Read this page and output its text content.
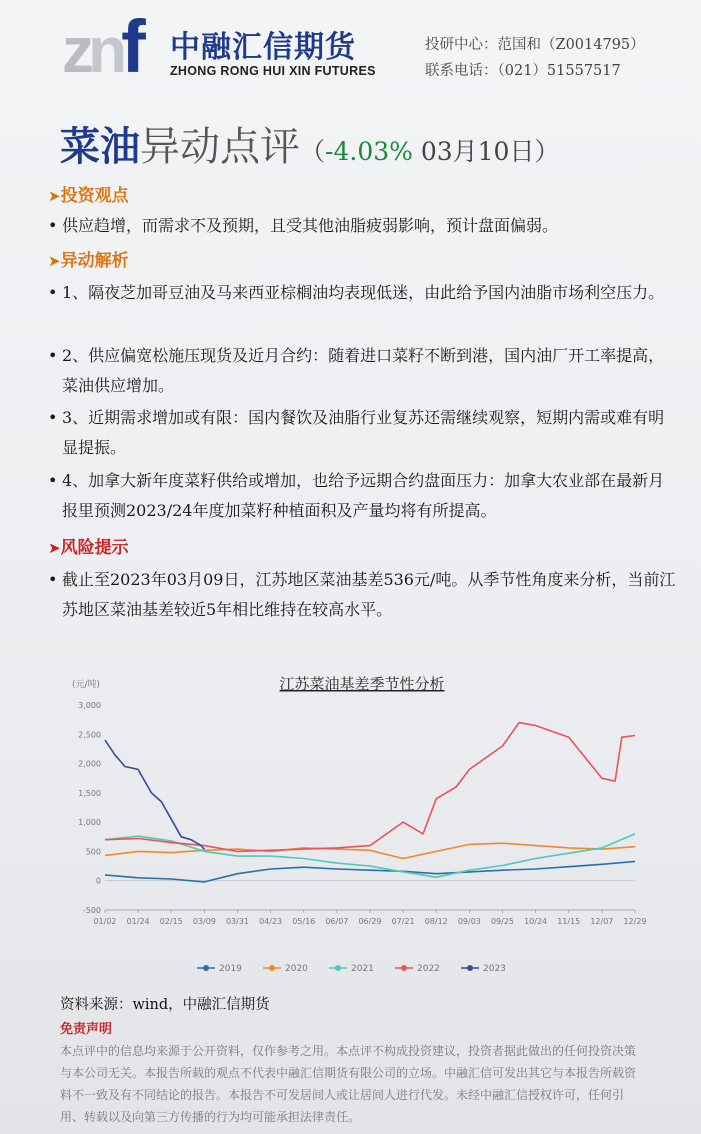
znf 中融汇信期货
ZHONG RONG HUI XIN FUTURES
投研中心：范国和（Z0014795）
联系电话：（021）51557517
菜油异动点评（-4.03% 03月10日）
➤投资观点
• 供应趋增，而需求不及预期，且受其他油脂疲弱影响，预计盘面偏弱。
➤异动解析
• 1、隔夜芝加哥豆油及马来西亚棕榈油均表现低迷，由此给予国内油脂市场利空压力。
• 2、供应偏宽松施压现货及近月合约：随着进口菜籽不断到港，国内油厂开工率提高，菜油供应增加。
• 3、近期需求增加或有限：国内餐饮及油脂行业复苏还需继续观察，短期内需或难有明显提振。
• 4、加拿大新年度菜籽供给或增加，也给予远期合约盘面压力：加拿大农业部在最新月报里预测2023/24年度加菜籽种植面积及产量均将有所提高。
➤风险提示
• 截止至2023年03月09日，江苏地区菜油基差536元/吨。从季节性角度来分析，当前江苏地区菜油基差较近5年相比维持在较高水平。
江苏菜油基差季节性分析
(元/吨)
-500
0
500
1,000
1,500
2,000
2,500
3,000
01/02 01/24 02/15 03/09 03/31 04/23 05/16 06/07 06/29 07/21 08/12 09/03 09/25 10/24 11/15 12/07 12/29
2019	2020	2021	2022	2023
资料来源：wind，中融汇信期货
免责声明
本点评中的信息均来源于公开资料，仅作参考之用。本点评不构成投资建议，投资者据此做出的任何投资决策与本公司无关。本报告所载的观点不代表中融汇信期货有限公司的立场。中融汇信可发出其它与本报告所载资料不一致及有不同结论的报告。本报告不可发居间人或让居间人进行代发。未经中融汇信授权许可，任何引用、转载以及向第三方传播的行为均可能承担法律责任。
